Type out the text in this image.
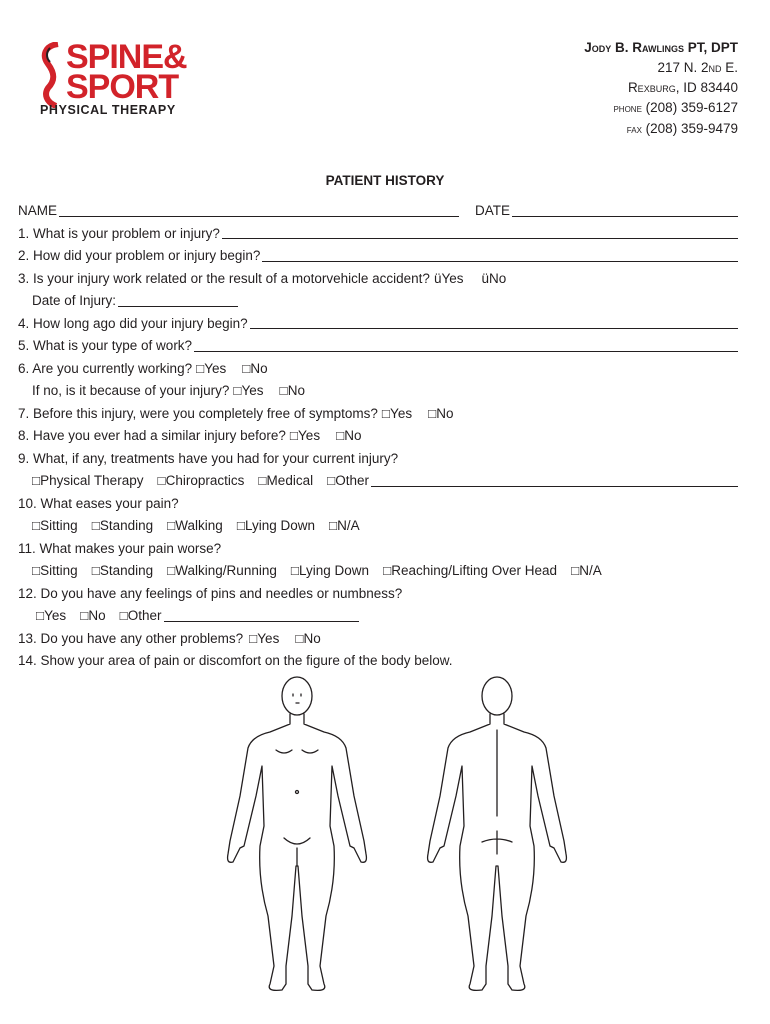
SPINE&
SPORT
PHYSICAL THERAPY
Jody B. Rawlings PT, DPT
217 N. 2nd E.
Rexburg, ID 83440
phone (208) 359-6127
fax (208) 359-9479
PATIENT HISTORY
NAME	DATE
1. What is your problem or injury?
2. How did your problem or injury begin?
3. Is your injury work related or the result of a motorvehicle accident? üYes üNo
Date of Injury:
4. How long ago did your injury begin?
5. What is your type of work?
6. Are you currently working? □Yes □No
If no, is it because of your injury? □Yes □No
7. Before this injury, were you completely free of symptoms? □Yes □No
8. Have you ever had a similar injury before? □Yes □No
9. What, if any, treatments have you had for your current injury?
□Physical Therapy □Chiropractics □Medical □Other
10. What eases your pain?
□Sitting □Standing □Walking □Lying Down □N/A
11. What makes your pain worse?
□Sitting □Standing □Walking/Running □Lying Down □Reaching/Lifting Over Head □N/A
12. Do you have any feelings of pins and needles or numbness?
□Yes □No □Other
13. Do you have any other problems? □Yes □No
14. Show your area of pain or discomfort on the figure of the body below.
